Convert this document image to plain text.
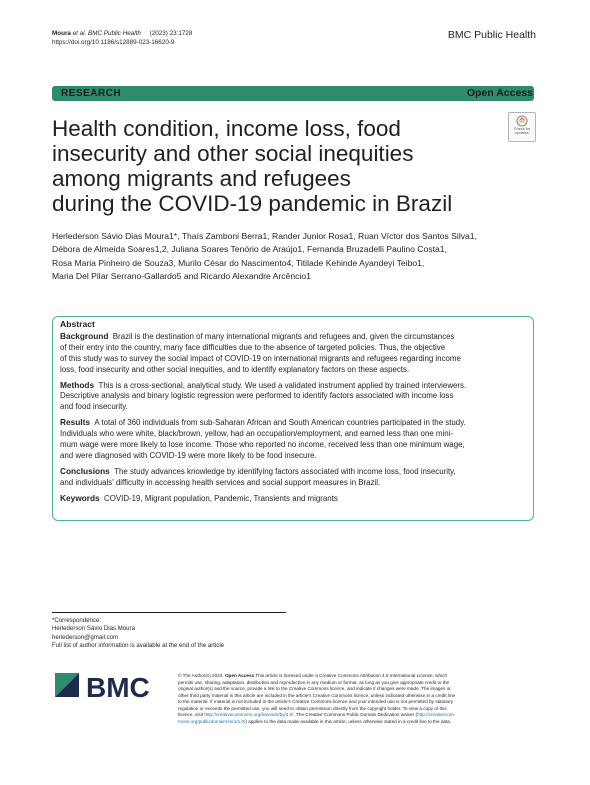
Moura et al. BMC Public Health (2023) 23:1728
https://doi.org/10.1186/s12889-023-16620-9
BMC Public Health
RESEARCH	Open Access
Check for
updates
Health condition, income loss, food
insecurity and other social inequities
among migrants and refugees
during the COVID-19 pandemic in Brazil
Herlederson Sávio Dias Moura1*, Thaís Zamboni Berra1, Rander Junior Rosa1, Ruan Víctor dos Santos Silva1,
Débora de Almeida Soares1,2, Juliana Soares Tenório de Araújo1, Fernanda Bruzadelli Paulino Costa1,
Rosa Maria Pinheiro de Souza3, Murilo César do Nascimento4, Titilade Kehinde Ayandeyi Teibo1,
Maria Del Pilar Serrano-Gallardo5 and Ricardo Alexandre Arcêncio1
Abstract
Background Brazil is the destination of many international migrants and refugees and, given the circumstances
of their entry into the country, many face difficulties due to the absence of targeted policies. Thus, the objective
of this study was to survey the social impact of COVID-19 on international migrants and refugees regarding income
loss, food insecurity and other social inequities, and to identify explanatory factors on these aspects.
Methods This is a cross-sectional, analytical study. We used a validated instrument applied by trained interviewers.
Descriptive analysis and binary logistic regression were performed to identify factors associated with income loss
and food insecurity.
Results A total of 360 individuals from sub-Saharan African and South American countries participated in the study.
Individuals who were white, black/brown, yellow, had an occupation/employment, and earned less than one mini-
mum wage were more likely to lose income. Those who reported no income, received less than one minimum wage,
and were diagnosed with COVID-19 were more likely to be food insecure.
Conclusions The study advances knowledge by identifying factors associated with income loss, food insecurity,
and individuals' difficulty in accessing health services and social support measures in Brazil.
Keywords COVID-19, Migrant population, Pandemic, Transients and migrants
*Correspondence:
Herlederson Sávio Dias Moura
herlederson@gmail.com
Full list of author information is available at the end of the article
BMC	© The Author(s) 2023. Open Access This article is licensed under a Creative Commons Attribution 4.0 International License, which
permits use, sharing, adaptation, distribution and reproduction in any medium or format, as long as you give appropriate credit to the
original author(s) and the source, provide a link to the Creative Commons licence, and indicate if changes were made. The images or
other third party material in this article are included in the article's Creative Commons licence, unless indicated otherwise in a credit line
to the material. If material is not included in the article's Creative Commons licence and your intended use is not permitted by statutory
regulation or exceeds the permitted use, you will need to obtain permission directly from the copyright holder. To view a copy of this
licence, visit http://creativecommons.org/licenses/by/4.0/. The Creative Commons Public Domain Dedication waiver (http://creativecom-
mons.org/publicdomain/zero/1.0/) applies to the data made available in this article, unless otherwise stated in a credit line to the data.
